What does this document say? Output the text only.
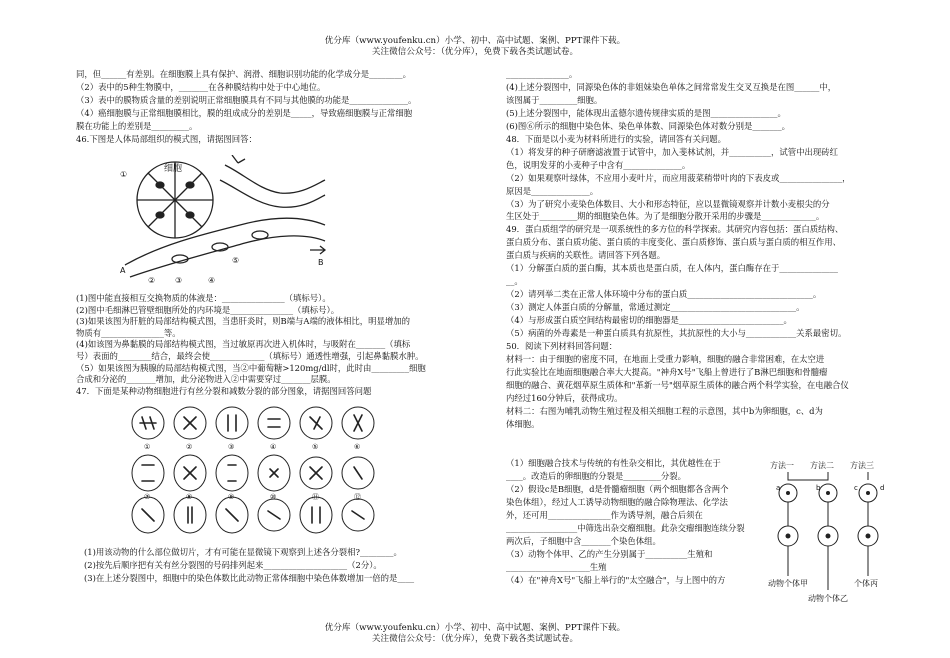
优分库（www.youfenku.cn）小学、初中、高中试题、案例、PPT课件下载。
关注微信公众号：（优分库），免费下载各类试题试卷。

同，但______有差别。在细胞膜上具有保护、润滑、细胞识别功能的化学成分是________。

（2）表中的5种生物膜中，_______在各种膜结构中处于中心地位。

（3）表中的膜物质含量的差别说明正常细胞膜具有不同与其他膜的功能是______________。

（4）癌细胞膜与正常细胞膜相比，膜的组成成分的差别是_____，导致癌细胞膜与正常细胞

膜在功能上的差别是_________。

46.下图是人体局部组织的模式图，请据图回答：

细胞
①
② ③	④
⑤
A
B

(1)图中能直接相互交换物质的体液是：_______________（填标号）。

(2)图中毛细淋巴管壁细胞所处的内环境是_______________（填标号）。

(3)如果该图为肝脏的局部结构模式图，当患肝炎时，则B端与A端的液体相比，明显增加的

物质有_______________等。

(4)如该图为鼻黏膜的局部结构模式图，当过敏原再次进入机体时，与吸附在_______（填标

号）表面的________结合，最终会使_____________（填标号）通透性增强，引起鼻黏膜水肿。

（5）如果该图为胰腺的局部结构模式图，当②中葡萄糖>120mg/dl时，此时由_________细胞

合成和分泌的_______增加，此分泌物进入②中需要穿过_______层膜。

47．下面是某种动物细胞进行有丝分裂和减数分裂的部分图象，请据图回答问题

①	②	③	④	⑤	⑥
⑦	⑧	⑨	⑩	⑪	⑫

(1)用该动物的什么部位做切片，才有可能在显微镜下观察到上述各分裂相?________。

(2)按先后顺序把有关有丝分裂图的号码排列起来____________________（2分）。

(3)在上述分裂图中，细胞中的染色体数比此动物正常体细胞中染色体数增加一倍的是____

_______________。

(4)上述分裂图中，同源染色体的非姐妹染色单体之间常常发生交叉互换是在图______中，

该图属于_________细胞。

(5)上述分裂图中，能体现出孟德尔遗传规律实质的是图________________。

(6)图⑥所示的细胞中染色体、染色单体数、同源染色体对数分别是_______。

48．下面是以小麦为材料所进行的实验，请回答有关问题。

（1）将发芽的种子研磨滤液置于试管中，加入斐林试剂，并__________，试管中出现砖红

色，说明发芽的小麦种子中含有______________。

（2）如果观察叶绿体，不应用小麦叶片，而应用菠菜稍带叶肉的下表皮或_______________，

原因是______________。

（3）为了研究小麦染色体数目、大小和形态特征，应以显微镜观察并计数小麦根尖的分

生区处于_________期的细胞染色体。为了是细胞分散开采用的步骤是_____________。

49．蛋白质组学的研究是一项系统性的多方位的科学探索。其研究内容包括：蛋白质结构、

蛋白质分布、蛋白质功能、蛋白质的丰度变化、蛋白质修饰、蛋白质与蛋白质的相互作用、

蛋白质与疾病的关联性。请回答下列各题。

（1）分解蛋白质的蛋白酶，其本质也是蛋白质，在人体内，蛋白酶存在于______________

__。

（2）请列举二类在正常人体环境中分布的蛋白质______________________________。

（3）测定人体蛋白质的分解量，常通过测定______________________________。

（4）与形成蛋白质空间结构最密切的细胞器是_________________________。

（5）病菌的外毒素是一种蛋白质具有抗原性，其抗原性的大小与____________关系最密切。

50．阅读下列材料回答问题：

材料一：由于细胞的密度不同，在地面上受重力影响，细胞的融合非常困难，在太空进

行此实验比在地面细胞融合率大大提高。"神舟X号"飞船上曾进行了B淋巴细胞和骨髓瘤

细胞的融合、黄花烟草原生质体和"革新一号"烟草原生质体的融合两个科学实验，在电融合仪

内经过160分钟后，获得成功。

材料二：右图为哺乳动物生殖过程及相关细胞工程的示意图，其中b为卵细胞，c、d为

体细胞。

（1）细胞融合技术与传统的有性杂交相比，其优越性在于

____。改造后的卵细胞的分裂是_________分裂。

（2）假设c是B细胞，d是骨髓瘤细胞（两个细胞都各含两个

染色体组），经过人工诱导动物细胞的融合除物理法、化学法

外，还可用_______________作为诱导剂，融合后须在

_________________中筛选出杂交瘤细胞。此杂交瘤细胞连续分裂

两次后，子细胞中含_______个染色体组。

（3）动物个体甲、乙的产生分别属于__________生殖和

____________________生殖

（4）在"神舟X号"飞船上举行的"太空融合"，与上图中的方

方法一 方法二 方法三
a	b	c	d
动物个体甲
动物个体乙
个体丙
优分库（www.youfenku.cn）小学、初中、高中试题、案例、PPT课件下载。
关注微信公众号：（优分库），免费下载各类试题试卷。
